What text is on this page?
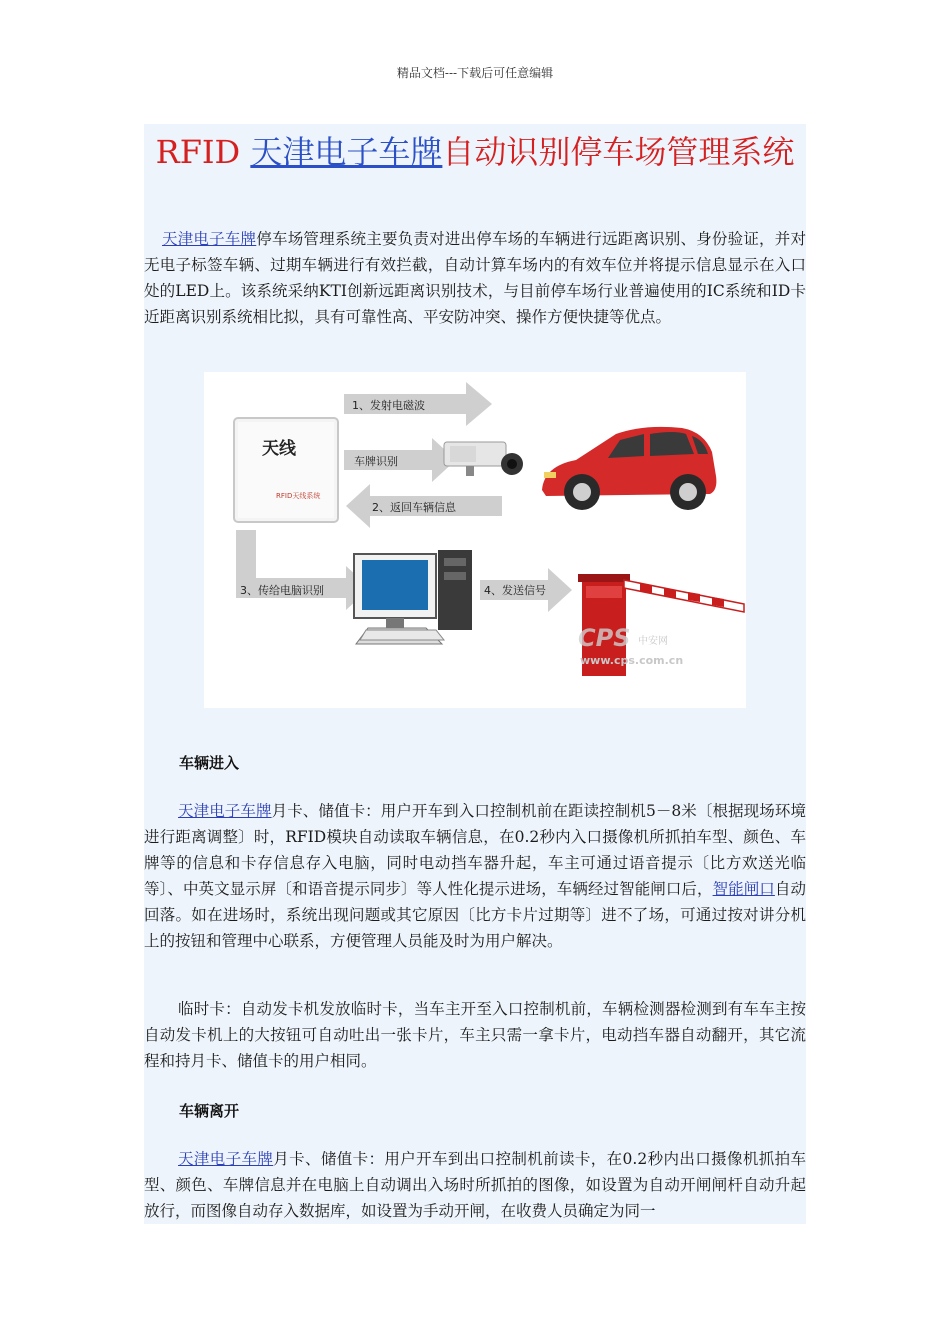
精品文档---下载后可任意编辑
RFID 天津电子车牌自动识别停车场管理系统

天津电子车牌停车场管理系统主要负责对进出停车场的车辆进行远距离识别、身份验证，并对无电子标签车辆、过期车辆进行有效拦截，自动计算车场内的有效车位并将提示信息显示在入口处的LED上。该系统采纳KTI创新远距离识别技术，与目前停车场行业普遍使用的IC系统和ID卡近距离识别系统相比拟，具有可靠性高、平安防冲突、操作方便快捷等优点。

天线
RFID天线系统
1、发射电磁波
车牌识别
2、返回车辆信息
3、传给电脑识别	4、发送信号
CPS 中安网
www.cps.com.cn
车辆进入

天津电子车牌月卡、储值卡：用户开车到入口控制机前在距读控制机5－8米〔根据现场环境进行距离调整〕时，RFID模块自动读取车辆信息，在0.2秒内入口摄像机所抓拍车型、颜色、车牌等的信息和卡存信息存入电脑，同时电动挡车器升起，车主可通过语音提示〔比方欢送光临等〕、中英文显示屏〔和语音提示同步〕等人性化提示进场，车辆经过智能闸口后，智能闸口自动回落。如在进场时，系统出现问题或其它原因〔比方卡片过期等〕进不了场，可通过按对讲分机上的按钮和管理中心联系，方便管理人员能及时为用户解决。

临时卡：自动发卡机发放临时卡，当车主开至入口控制机前，车辆检测器检测到有车车主按自动发卡机上的大按钮可自动吐出一张卡片，车主只需一拿卡片，电动挡车器自动翻开，其它流程和持月卡、储值卡的用户相同。

车辆离开

天津电子车牌月卡、储值卡：用户开车到出口控制机前读卡，在0.2秒内出口摄像机抓拍车型、颜色、车牌信息并在电脑上自动调出入场时所抓拍的图像，如设置为自动开闸闸杆自动升起放行，而图像自动存入数据库，如设置为手动开闸，在收费人员确定为同一
